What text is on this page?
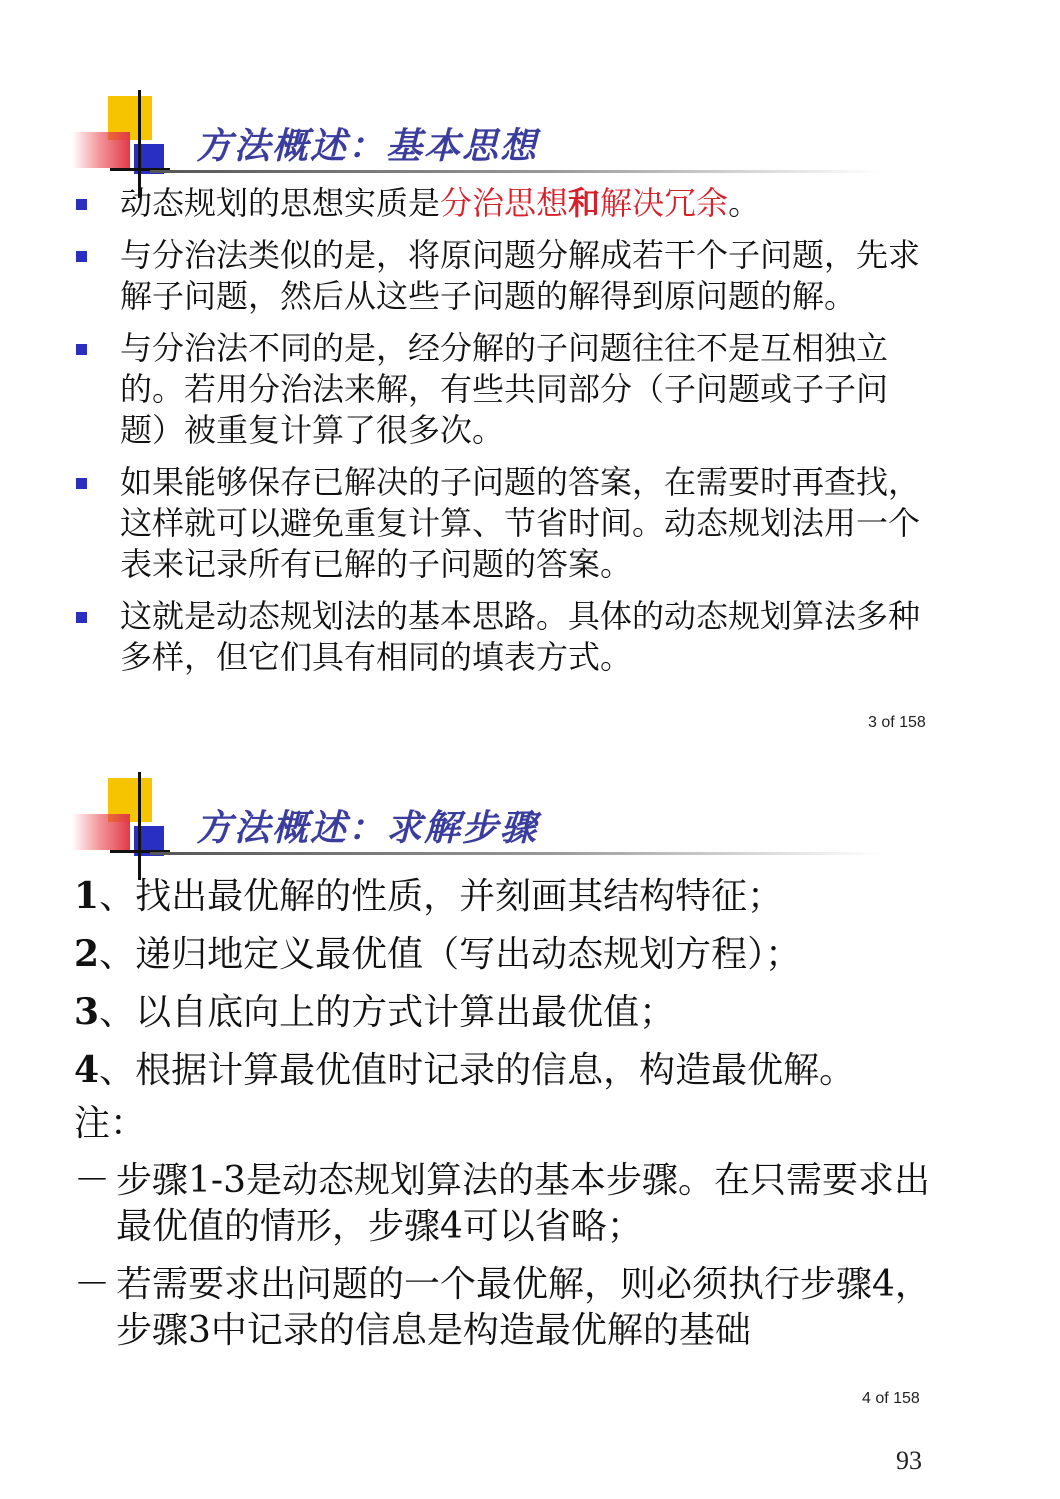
方法概述：基本思想
动态规划的思想实质是分治思想和解决冗余。
与分治法类似的是，将原问题分解成若干个子问题，先求解子问题，然后从这些子问题的解得到原问题的解。
与分治法不同的是，经分解的子问题往往不是互相独立的。若用分治法来解，有些共同部分（子问题或子子问题）被重复计算了很多次。
如果能够保存已解决的子问题的答案，在需要时再查找，这样就可以避免重复计算、节省时间。动态规划法用一个表来记录所有已解的子问题的答案。
这就是动态规划法的基本思路。具体的动态规划算法多种多样，但它们具有相同的填表方式。
3 of 158
方法概述：求解步骤
1、找出最优解的性质，并刻画其结构特征；
2、递归地定义最优值（写出动态规划方程）；
3、以自底向上的方式计算出最优值；
4、根据计算最优值时记录的信息，构造最优解。
注：
－ 步骤1-3是动态规划算法的基本步骤。在只需要求出最优值的情形，步骤4可以省略；
－ 若需要求出问题的一个最优解，则必须执行步骤4，步骤3中记录的信息是构造最优解的基础
4 of 158
93
